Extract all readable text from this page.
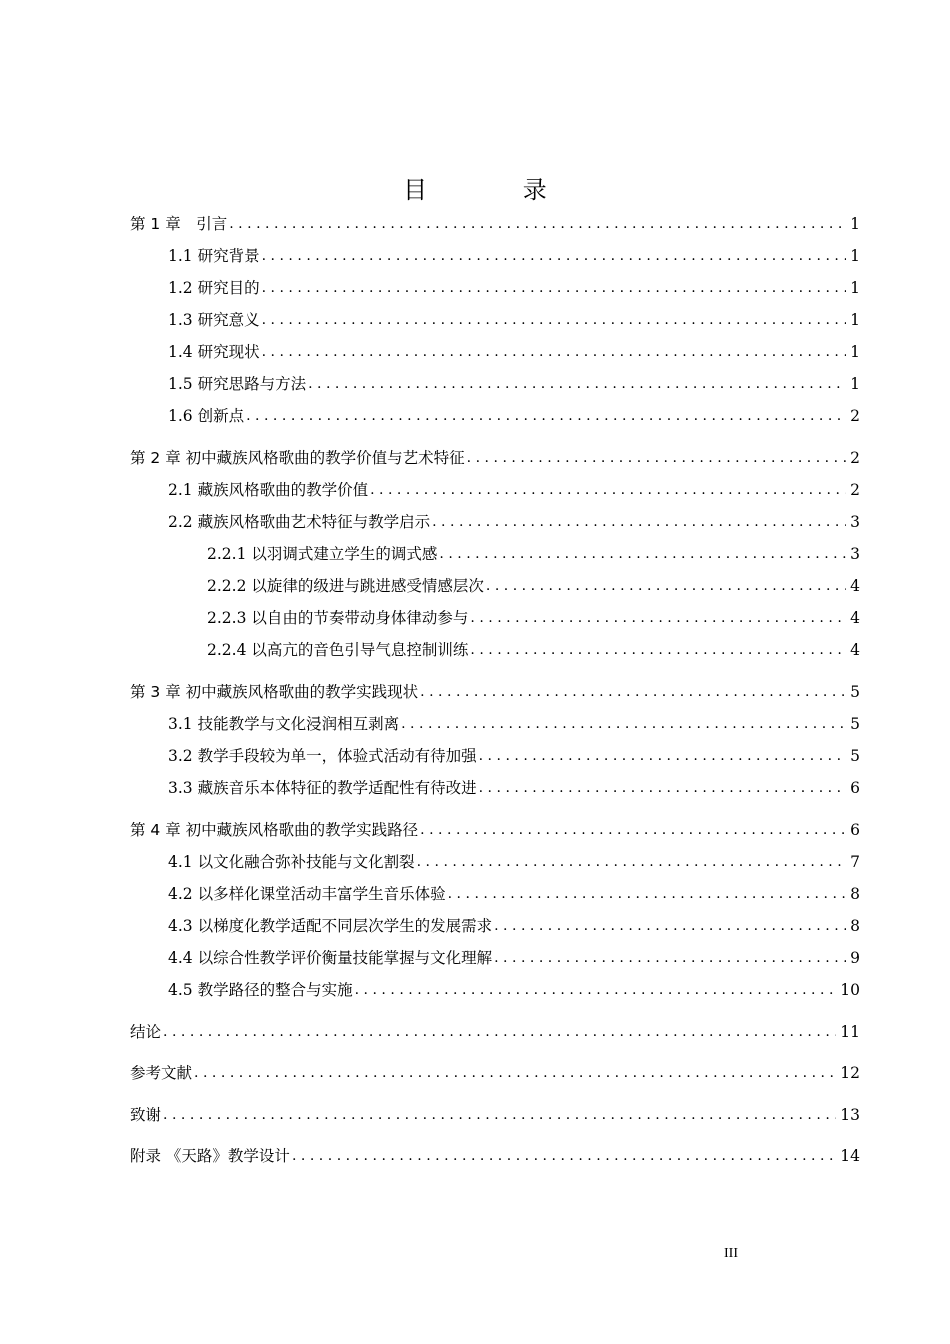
目 录
第 1 章　引言 .....	1
1.1 研究背景 .....	1
1.2 研究目的 .....	1
1.3 研究意义 .....	1
1.4 研究现状 .....	1
1.5 研究思路与方法 .....	1
1.6 创新点 .....	2
第 2 章 初中藏族风格歌曲的教学价值与艺术特征 .....	2
2.1 藏族风格歌曲的教学价值 .....	2
2.2 藏族风格歌曲艺术特征与教学启示 .....	3
2.2.1 以羽调式建立学生的调式感 .....	3
2.2.2 以旋律的级进与跳进感受情感层次 .....	4
2.2.3 以自由的节奏带动身体律动参与 .....	4
2.2.4 以高亢的音色引导气息控制训练 .....	4
第 3 章 初中藏族风格歌曲的教学实践现状 .....	5
3.1 技能教学与文化浸润相互剥离 .....	5
3.2 教学手段较为单一，体验式活动有待加强 .....	5
3.3 藏族音乐本体特征的教学适配性有待改进 .....	6
第 4 章 初中藏族风格歌曲的教学实践路径 .....	6
4.1 以文化融合弥补技能与文化割裂 .....	7
4.2 以多样化课堂活动丰富学生音乐体验 .....	8
4.3 以梯度化教学适配不同层次学生的发展需求 .....	8
4.4 以综合性教学评价衡量技能掌握与文化理解 .....	9
4.5 教学路径的整合与实施 .....	10
结论 .....	11
参考文献 .....	12
致谢 .....	13
附录 《天路》教学设计 .....	14
III
